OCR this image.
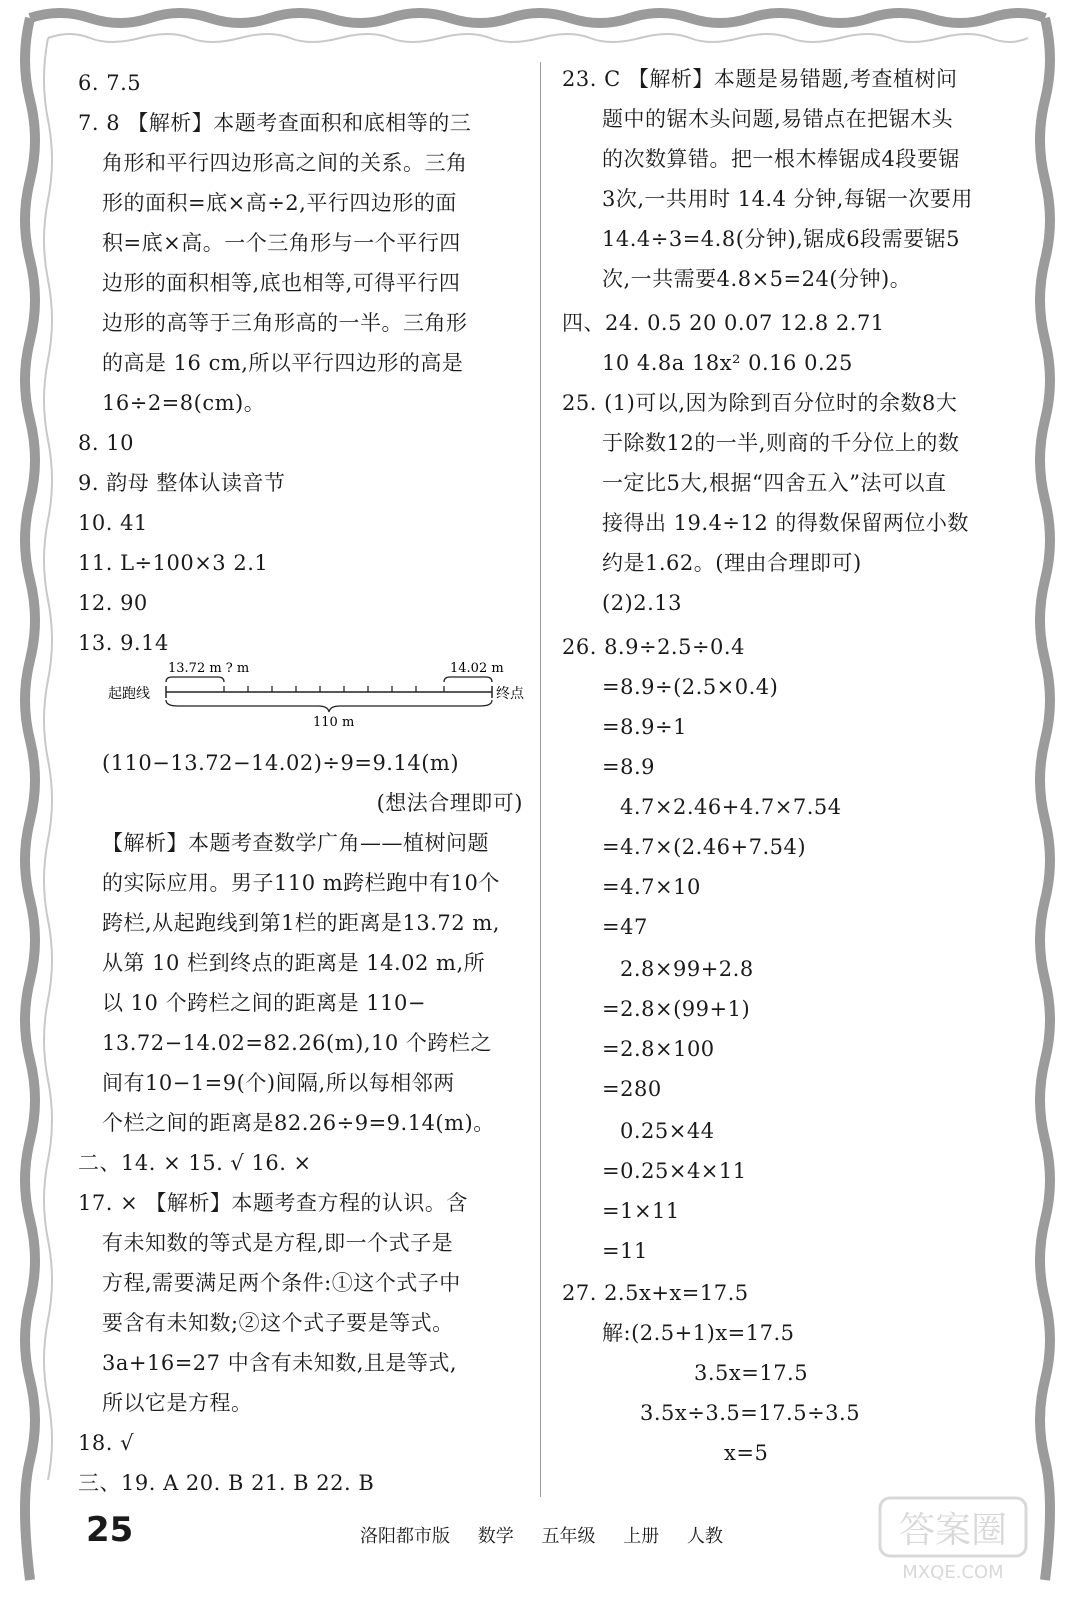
6. 7.5
7. 8 【解析】本题考查面积和底相等的三
角形和平行四边形高之间的关系。三角
形的面积=底×高÷2,平行四边形的面
积=底×高。一个三角形与一个平行四
边形的面积相等,底也相等,可得平行四
边形的高等于三角形高的一半。三角形
的高是 16 cm,所以平行四边形的高是
16÷2=8(cm)。
8. 10
9. 韵母 整体认读音节
10. 41
11. L÷100×3 2.1
12. 90
13. 9.14
13.72 m ? m	14.02 m
起跑线	终点
110 m
(110−13.72−14.02)÷9=9.14(m)
(想法合理即可)
【解析】本题考查数学广角——植树问题
的实际应用。男子110 m跨栏跑中有10个
跨栏,从起跑线到第1栏的距离是13.72 m,
从第 10 栏到终点的距离是 14.02 m,所
以 10 个跨栏之间的距离是 110−
13.72−14.02=82.26(m),10 个跨栏之
间有10−1=9(个)间隔,所以每相邻两
个栏之间的距离是82.26÷9=9.14(m)。
二、14. × 15. √ 16. ×
17. × 【解析】本题考查方程的认识。含
有未知数的等式是方程,即一个式子是
方程,需要满足两个条件:①这个式子中
要含有未知数;②这个式子要是等式。
3a+16=27 中含有未知数,且是等式,
所以它是方程。
18. √
三、19. A 20. B 21. B 22. B
23. C 【解析】本题是易错题,考查植树问
题中的锯木头问题,易错点在把锯木头
的次数算错。把一根木棒锯成4段要锯
3次,一共用时 14.4 分钟,每锯一次要用
14.4÷3=4.8(分钟),锯成6段需要锯5
次,一共需要4.8×5=24(分钟)。
四、24. 0.5 20 0.07 12.8 2.71
10 4.8a 18x² 0.16 0.25
25. (1)可以,因为除到百分位时的余数8大
于除数12的一半,则商的千分位上的数
一定比5大,根据“四舍五入”法可以直
接得出 19.4÷12 的得数保留两位小数
约是1.62。(理由合理即可)
(2)2.13
26. 8.9÷2.5÷0.4
=8.9÷(2.5×0.4)
=8.9÷1
=8.9
4.7×2.46+4.7×7.54
=4.7×(2.46+7.54)
=4.7×10
=47
2.8×99+2.8
=2.8×(99+1)
=2.8×100
=280
0.25×44
=0.25×4×11
=1×11
=11
27. 2.5x+x=17.5
解:(2.5+1)x=17.5
3.5x=17.5
3.5x÷3.5=17.5÷3.5
x=5
25	洛阳都市版 数学 五年级 上册 人教	答案圈
MXQE.COM
